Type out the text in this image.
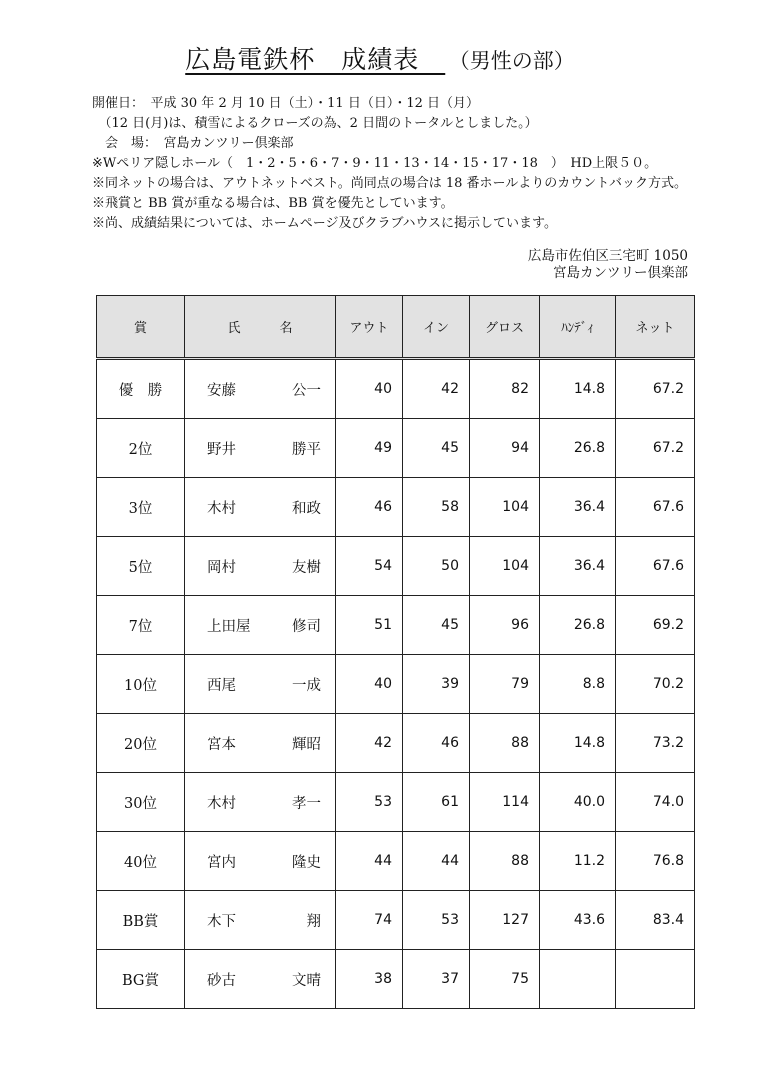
広島電鉄杯　成績表　（男性の部）
開催日：　平成 30 年 2 月 10 日（土）・11 日（日）・12 日（月）
　（12 日(月)は、積雪によるクローズの為、2 日間のトータルとしました。）
　会　場：　宮島カンツリー倶楽部
※Wペリア隠しホール（　1・2・5・6・7・9・11・13・14・15・17・18　）　HD上限５０。
※同ネットの場合は、アウトネットベスト。尚同点の場合は 18 番ホールよりのカウントバック方式。
※飛賞と BB 賞が重なる場合は、BB 賞を優先としています。
※尚、成績結果については、ホームページ及びクラブハウスに掲示しています。
広島市佐伯区三宅町 1050
宮島カンツリー倶楽部
賞	氏　　　名	アウト	イン	グロス	ﾊﾝﾃﾞｨ	ネット
優　勝	安藤 公一	40	42	82	14.8	67.2
2位	野井 勝平	49	45	94	26.8	67.2
3位	木村 和政	46	58	104	36.4	67.6
5位	岡村 友樹	54	50	104	36.4	67.6
7位	上田屋 修司	51	45	96	26.8	69.2
10位	西尾 一成	40	39	79	8.8	70.2
20位	宮本 輝昭	42	46	88	14.8	73.2
30位	木村 孝一	53	61	114	40.0	74.0
40位	宮内 隆史	44	44	88	11.2	76.8
BB賞	木下 翔	74	53	127	43.6	83.4
BG賞	砂古 文晴	38	37	75		
